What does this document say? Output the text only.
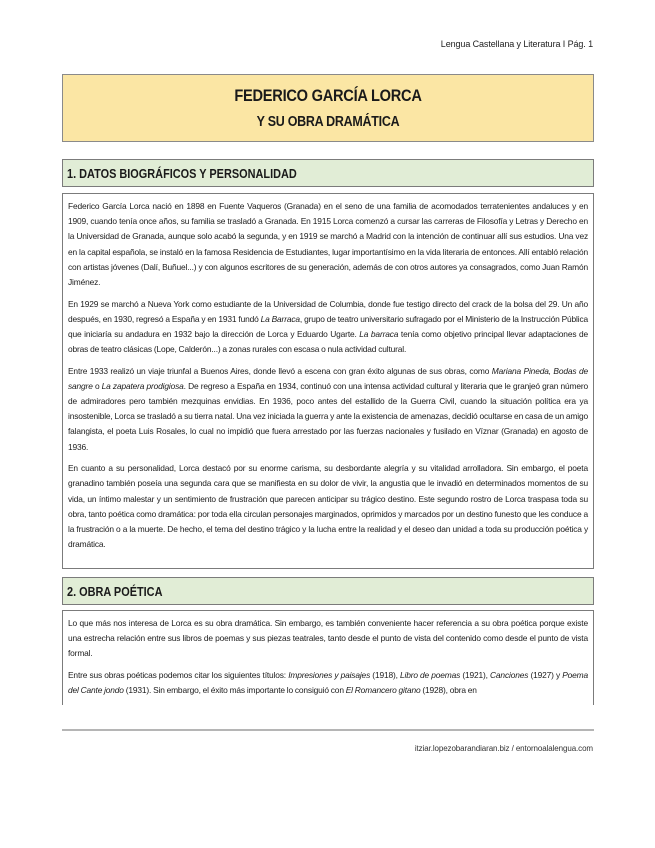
Lengua Castellana y Literatura I Pág. 1
FEDERICO GARCÍA LORCA
Y SU OBRA DRAMÁTICA
1. DATOS BIOGRÁFICOS Y PERSONALIDAD

Federico García Lorca nació en 1898 en Fuente Vaqueros (Granada) en el seno de una familia de acomodados terratenientes andaluces y en 1909, cuando tenía once años, su familia se trasladó a Granada. En 1915 Lorca comenzó a cursar las carreras de Filosofía y Letras y Derecho en la Universidad de Granada, aunque solo acabó la segunda, y en 1919 se marchó a Madrid con la intención de continuar allí sus estudios. Una vez en la capital española, se instaló en la famosa Residencia de Estudiantes, lugar importantísimo en la vida literaria de entonces. Allí entabló relación con artistas jóvenes (Dalí, Buñuel...) y con algunos escritores de su generación, además de con otros autores ya consagrados, como Juan Ramón Jiménez.

En 1929 se marchó a Nueva York como estudiante de la Universidad de Columbia, donde fue testigo directo del crack de la bolsa del 29. Un año después, en 1930, regresó a España y en 1931 fundó La Barraca, grupo de teatro universitario sufragado por el Ministerio de la Instrucción Pública que iniciaría su andadura en 1932 bajo la dirección de Lorca y Eduardo Ugarte. La barraca tenía como objetivo principal llevar adaptaciones de obras de teatro clásicas (Lope, Calderón...) a zonas rurales con escasa o nula actividad cultural.

Entre 1933 realizó un viaje triunfal a Buenos Aires, donde llevó a escena con gran éxito algunas de sus obras, como Mariana Pineda, Bodas de sangre o La zapatera prodigiosa. De regreso a España en 1934, continuó con una intensa actividad cultural y literaria que le granjeó gran número de admiradores pero también mezquinas envidias. En 1936, poco antes del estallido de la Guerra Civil, cuando la situación política era ya insostenible, Lorca se trasladó a su tierra natal. Una vez iniciada la guerra y ante la existencia de amenazas, decidió ocultarse en casa de un amigo falangista, el poeta Luis Rosales, lo cual no impidió que fuera arrestado por las fuerzas nacionales y fusilado en Víznar (Granada) en agosto de 1936.

En cuanto a su personalidad, Lorca destacó por su enorme carisma, su desbordante alegría y su vitalidad arrolladora. Sin embargo, el poeta granadino también poseía una segunda cara que se manifiesta en su dolor de vivir, la angustia que le invadió en determinados momentos de su vida, un íntimo malestar y un sentimiento de frustración que parecen anticipar su trágico destino. Este segundo rostro de Lorca traspasa toda su obra, tanto poética como dramática: por toda ella circulan personajes marginados, oprimidos y marcados por un destino funesto que les conduce a la frustración o a la muerte. De hecho, el tema del destino trágico y la lucha entre la realidad y el deseo dan unidad a toda su producción poética y dramática.

2. OBRA POÉTICA

Lo que más nos interesa de Lorca es su obra dramática. Sin embargo, es también conveniente hacer referencia a su obra poética porque existe una estrecha relación entre sus libros de poemas y sus piezas teatrales, tanto desde el punto de vista del contenido como desde el punto de vista formal.

Entre sus obras poéticas podemos citar los siguientes títulos: Impresiones y paisajes (1918), Libro de poemas (1921), Canciones (1927) y Poema del Cante jondo (1931). Sin embargo, el éxito más importante lo consiguió con El Romancero gitano (1928), obra en

itziar.lopezobarandiaran.biz / entornoalalengua.com
